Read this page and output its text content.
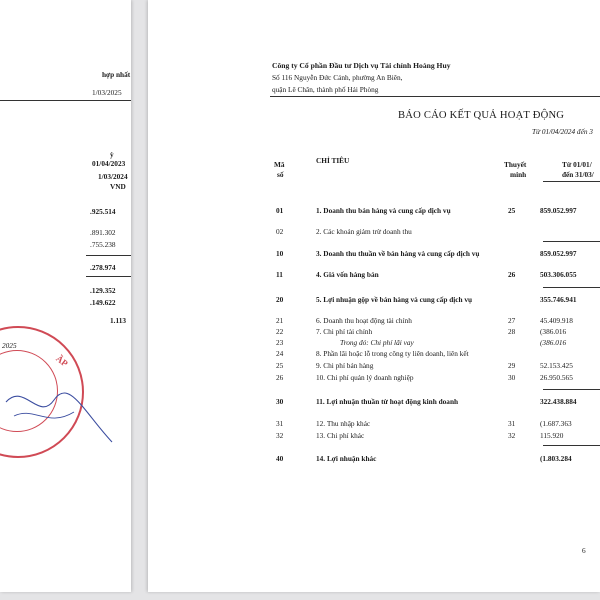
hợp nhất
1/03/2025
ỳ
01/04/2023
1/03/2024
VND
.925.514
.891.302
.755.238
.278.974
.129.352
.149.622
1.113
2025
ẦP
Công ty Cổ phần Đầu tư Dịch vụ Tài chính Hoàng Huy
Số 116 Nguyễn Đức Cảnh, phường An Biên,
quận Lê Chân, thành phố Hải Phòng
BÁO CÁO KẾT QUẢ HOẠT ĐỘNG
Từ 01/04/2024 đến 3
Mã
số
CHỈ TIÊU	Thuyết
minh
Từ 01/01/
đến 31/03/
01	1. Doanh thu bán hàng và cung cấp dịch vụ	25	859.052.997
02	2. Các khoản giảm trừ doanh thu
10	3. Doanh thu thuần về bán hàng và cung cấp dịch vụ	859.052.997
11	4. Giá vốn hàng bán	26	503.306.055
20	5. Lợi nhuận gộp về bán hàng và cung cấp dịch vụ	355.746.941
21	6. Doanh thu hoạt động tài chính	27	45.409.918
22	7. Chi phí tài chính	28	(386.016
23	Trong đó: Chi phí lãi vay	(386.016
24	8. Phần lãi hoặc lỗ trong công ty liên doanh, liên kết
25	9. Chi phí bán hàng	29	52.153.425
26	10. Chi phí quản lý doanh nghiệp	30	26.950.565
30	11. Lợi nhuận thuần từ hoạt động kinh doanh	322.438.884
31	12. Thu nhập khác	31	(1.687.363
32	13. Chi phí khác	32	115.920
40	14. Lợi nhuận khác	(1.803.284
6
